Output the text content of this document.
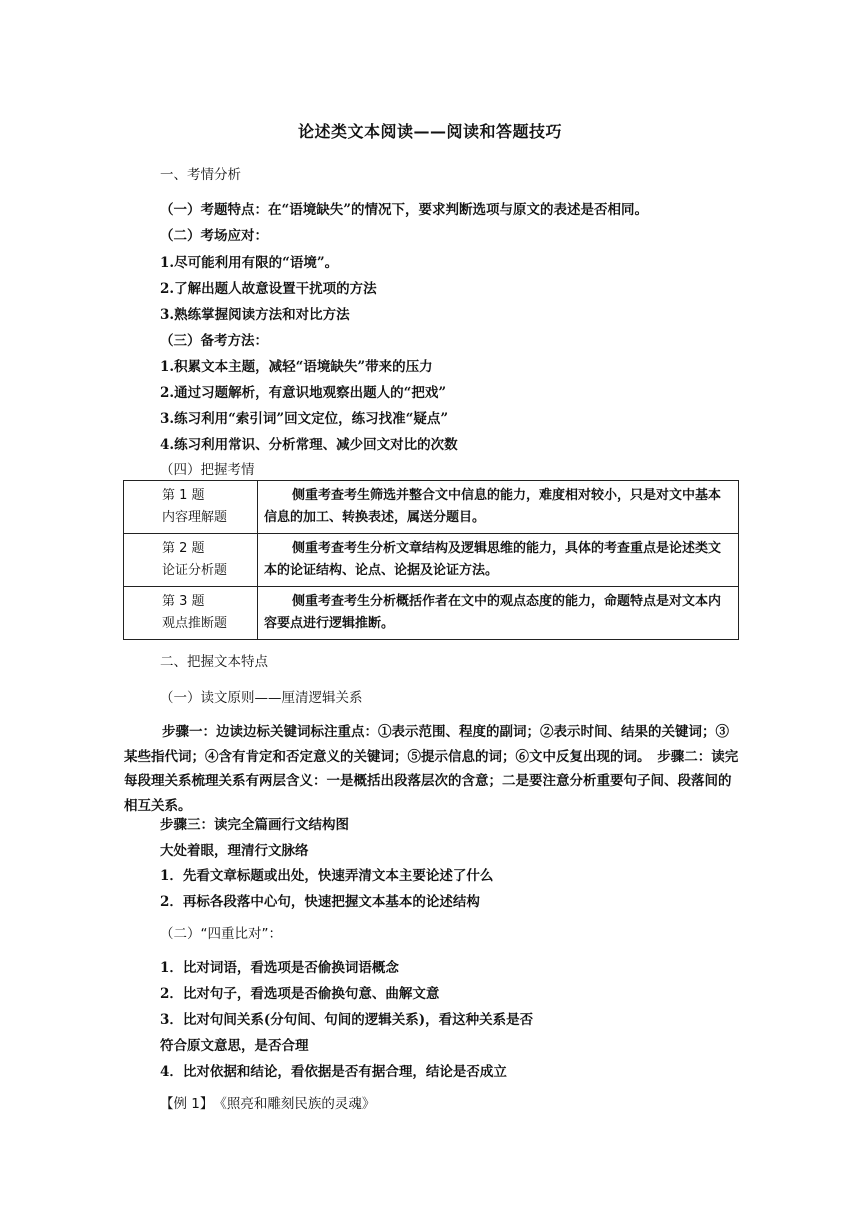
论述类文本阅读——阅读和答题技巧
一、考情分析
（一）考题特点：在“语境缺失”的情况下，要求判断选项与原文的表述是否相同。
（二）考场应对：
1.尽可能利用有限的“语境”。
2.了解出题人故意设置干扰项的方法
3.熟练掌握阅读方法和对比方法
（三）备考方法：
1.积累文本主题，减轻“语境缺失”带来的压力
2.通过习题解析，有意识地观察出题人的“把戏”
3.练习利用“索引词”回文定位，练习找准“疑点”
4.练习利用常识、分析常理、减少回文对比的次数
（四）把握考情
第 1 题
内容理解题	侧重考查考生筛选并整合文中信息的能力，难度相对较小，只是对文中基本信息的加工、转换表述，属送分题目。
第 2 题
论证分析题	侧重考查考生分析文章结构及逻辑思维的能力，具体的考查重点是论述类文本的论证结构、论点、论据及论证方法。
第 3 题
观点推断题	侧重考查考生分析概括作者在文中的观点态度的能力，命题特点是对文本内容要点进行逻辑推断。
二、把握文本特点
（一）读文原则——厘清逻辑关系
步骤一：边读边标关键词标注重点：①表示范围、程度的副词；②表示时间、结果的关键词；③某些指代词；④含有肯定和否定意义的关键词；⑤提示信息的词；⑥文中反复出现的词。　步骤二：读完每段理关系梳理关系有两层含义：一是概括出段落层次的含意；二是要注意分析重要句子间、段落间的相互关系。
步骤三：读完全篇画行文结构图
大处着眼，理清行文脉络
1．先看文章标题或出处，快速弄清文本主要论述了什么
2．再标各段落中心句，快速把握文本基本的论述结构
（二）“四重比对”：
1．比对词语，看选项是否偷换词语概念
2．比对句子，看选项是否偷换句意、曲解文意
3．比对句间关系(分句间、句间的逻辑关系)，看这种关系是否
符合原文意思，是否合理
4．比对依据和结论，看依据是否有据合理，结论是否成立
【例 1】　《照亮和雕刻民族的灵魂》
